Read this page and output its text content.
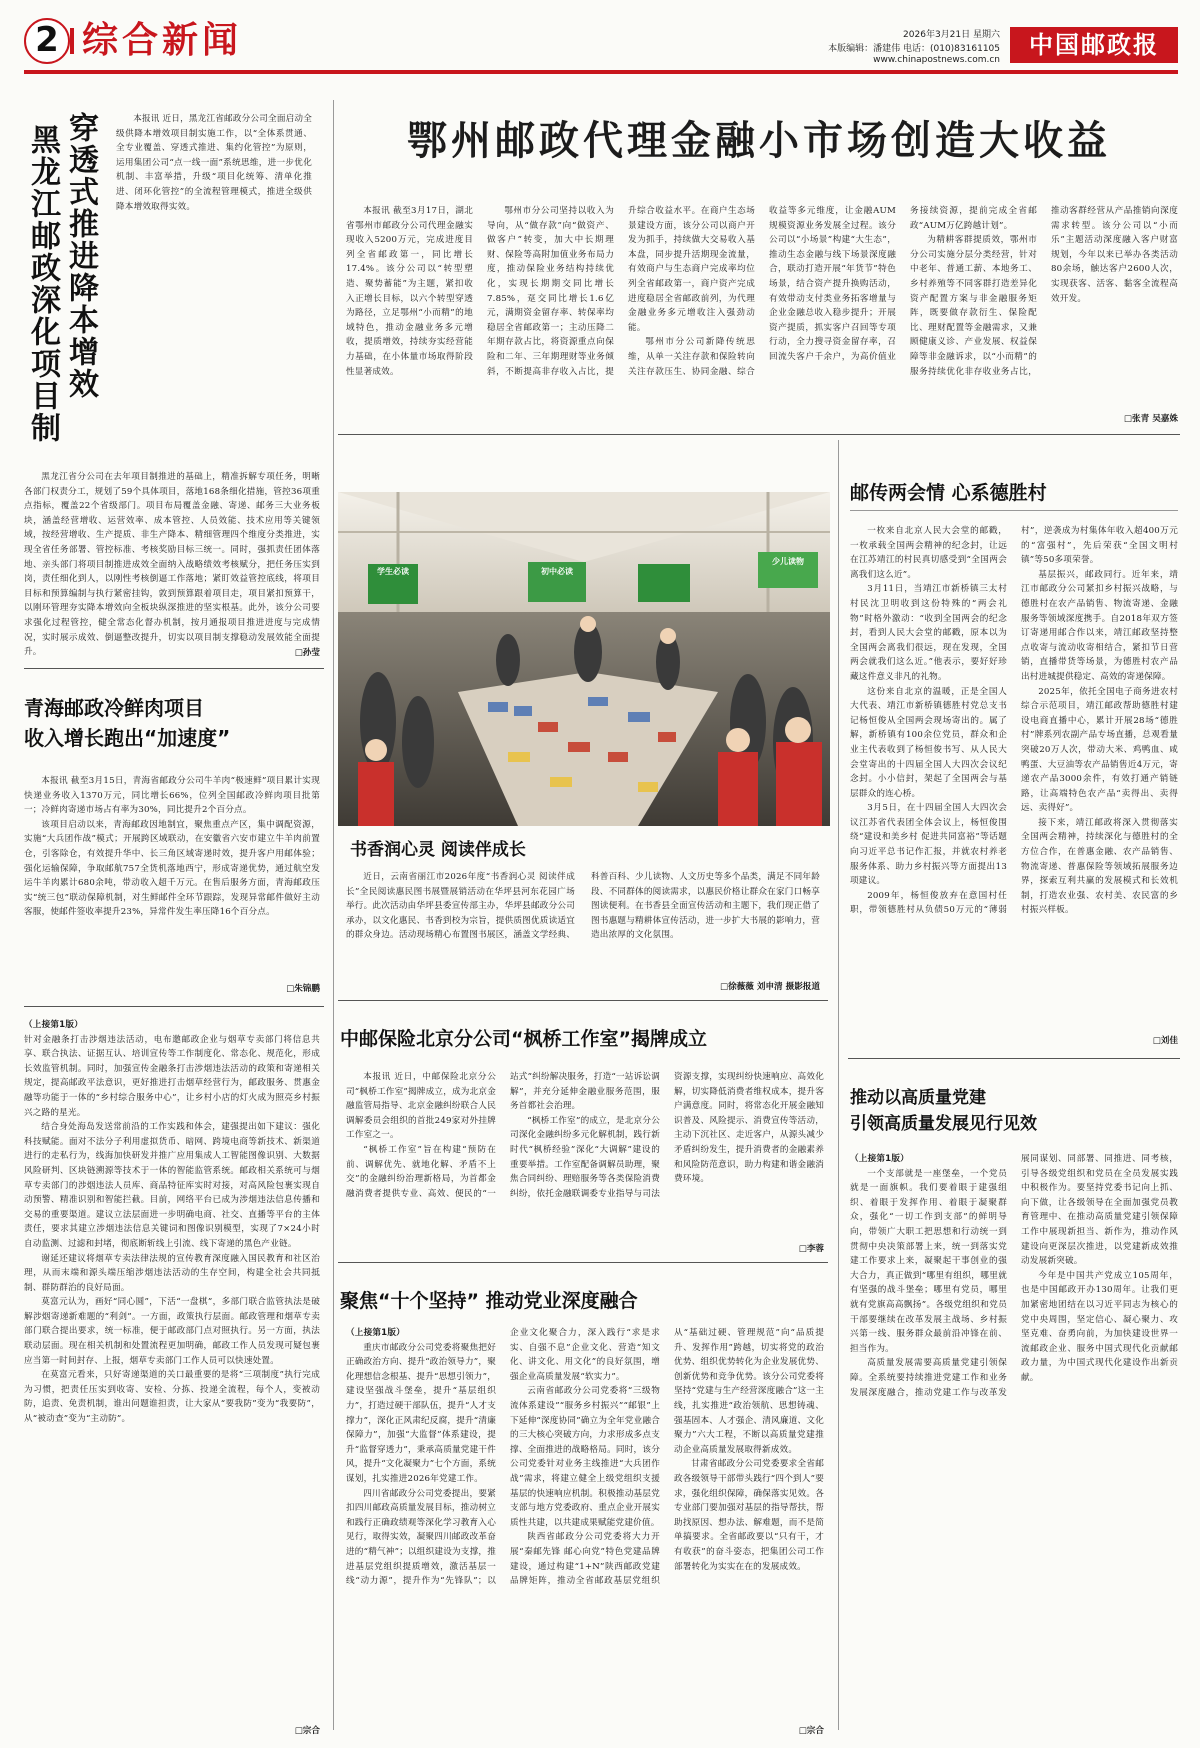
2 综合新闻	2026年3月21日 星期六
本版编辑：潘建伟 电话：(010)83161105
www.chinapostnews.com.cn
中国邮政报
穿透式推进降本增效
黑龙江邮政深化项目制

本报讯 近日，黑龙江省邮政分公司全面启动全级供降本增效项目制实施工作，以“全体系贯通、全专业覆盖、穿透式推进、集约化管控”为原则，运用集团公司“点一线一面”系统思维，进一步优化机制、丰富举措，升级“项目化统筹、清单化推进、闭环化管控”的全流程管理模式，推进全级供降本增效取得实效。

黑龙江省分公司在去年项目制推进的基础上，精准拆解专项任务，明晰各部门权责分工，规划了59个具体项目，落地168条细化措施，管控36项重点指标，覆盖22个省级部门。项目布局覆盖金融、寄递、邮务三大业务板块，涵盖经营增收、运营效率、成本管控、人员效能、技术应用等关键领域，按经营增收、生产提质、非生产降本、精细管理四个维度分类推进，实现全省任务部署、管控标准、考核奖励目标三统一。同时，强抓责任团体落地、亲头部门将项目制推进成效全面纳入战略绩效考核赋分，把任务压实到岗，责任细化到人，以刚性考核倒逼工作落地；紧盯效益管控底线，将项目目标和预算编制与执行紧密挂钩，敦到预算跟着项目走，项目紧扣预算干，以刚环管理夯实降本增效向全板块纵深推进的坚实根基。此外，该分公司要求强化过程管控，健全常态化督办机制，按月通报项目推进进度与完成情况，实时展示成效、倒逼整改提升，切实以项目制支撑稳动发展效能全面提升。	□孙莹
青海邮政冷鲜肉项目
收入增长跑出“加速度”

本报讯 截至3月15日，青海省邮政分公司牛羊肉“极速鲜”项目累计实现快递业务收入1370万元，同比增长66%，位列全国邮政冷鲜肉项目批第一；冷鲜肉寄递市场占有率为30%，同比提升2个百分点。

该项目启动以来，青海邮政因地制宜，聚焦重点产区，集中调配资源，实施“大兵团作战”模式；开展跨区域联动，在安徽省六安市建立牛羊肉前置仓，引客除仓，有效提升华中、长三角区域寄递时效，提升客户用邮体验；强化运输保障，争取邮航757全货机落地西宁，形成寄递优势，通过航空发运牛羊肉累计680余吨，带动收入超千万元。在售后服务方面，青海邮政压实“统三包”联动保障机制，对生鲜邮件全环节跟踪，发现异常邮件做好主动客服，使邮件签收率提升23%，异常件发生率压降16个百分点。

□朱锦鹏
（上接第1版）

针对金融条打击涉烟违法活动，电布邀邮政企业与烟草专卖部门将信息共享、联合执法、证据互认、培训宣传等工作制度化、常态化、规范化，形成长效监管机制。同时，加强宣传金融条打击涉烟违法活动的政策和寄递相关规定，提高邮政平法意识，更好推进打击烟草经营行为，邮政服务、贯惠金融等功能于一体的“乡村综合服务中心”，让乡村小店的灯火成为照亮乡村振兴之路的星光。

结合身处海岛发送常前沿的工作实践和体会，建强提出如下建议：强化科技赋能。面对不法分子利用虚拟货币、暗网、跨境电商等新技术、新渠道进行的走私行为，线海加快研发并推广应用集成人工智能图像识别、大数据风险研判、区块链溯源等技术于一体的智能监管系统。邮政相关系统可与烟草专卖部门的涉烟违法人员库、商品特征库实时对接，对高风险包裹实现自动预警、精准识别和智能拦截。目前，网络平台已成为涉烟违法信息传播和交易的重要渠道。建议立法层面进一步明确电商、社交、直播等平台的主体责任，要求其建立涉烟违法信息关键词和图像识别模型，实现了7×24小时自动监测、过滤和封堵，彻底断斩线上引流、线下寄递的黑色产业链。

谢延还建议将烟草专卖法律法规的宣传教育深度融入国民教育和社区治理，从而末端和源头端压缩涉烟违法活动的生存空间，构建全社会共同抵制、群防群治的良好局面。

莫富元认为，画好“同心圆”，下活“一盘棋”，多部门联合监管执法是破解涉烟寄递新难题的“利剑”。一方面，政策执行层面。邮政管理和烟草专卖部门联合提出要求，统一标准，便于邮政部门点对照执行。另一方面，执法联动层面。现在相关机制和处置流程更加明确，邮政工作人员发现可疑包裹应当第一时间封存、上报，烟草专卖部门工作人员可以快速处置。

在莫富元看来，只好寄递渠道的关口最重要的是将“三项制度”执行完成为习惯，把责任压实到收寄、安检、分拣、投递全流程，每个人，变被动防，追责、免责机制，谁出问题谁担责，让大家从“要我防”变为“我要防”，从“被动查”变为“主动防”。

□宗合
鄂州邮政代理金融小市场创造大收益

本报讯 截至3月17日，湖北省鄂州市邮政分公司代理金融实现收入5200万元，完成进度目列全省邮政第一，同比增长17.4%。该分公司以“转型塑造、聚势蓄能”为主题，紧扣收入正增长目标，以六个转型穿透为路径，立足鄂州“小而精”的地域特色，推动金融业务多元增收，提质增效，持续夯实经营能力基础，在小体量市场取得阶段性显著成效。

鄂州市分公司坚持以收入为导向，从“做存款”向“做资产、做客户”转变，加大中长期理财、保险等高附加值业务布局力度，推动保险业务结构持续优化，实现长期期交同比增长7.85%，趸交同比增长1.6亿元，满期资金留存率、转保率均稳居全省邮政第一；主动压降二年期存款占比，将资源重点向保险和二年、三年期理财等业务倾斜，不断提高非存收入占比，提升综合收益水平。在商户生态场景建设方面，该分公司以商户开发为抓手，持续做大交易收入基本盘，同步提升活期现金流量，有效商户与生态商户完成率均位列全省邮政第一，商户资产完成进度稳居全省邮政前列，为代理金融业务多元增收注入强劲动能。

鄂州市分公司新降传统思维，从单一关注存款和保险转向关注存款压生、协同金融、综合收益等多元维度，让金融AUM规模资源业务发展全过程。该分公司以“小场景”构建“大生态”，推动生态金融与线下场景深度融合，联动打造开展“年货节”特色场景，结合资产提升换购活动，有效带动支付类业务拓客增量与企业金融总收入稳步提升；开展资产提质，抓实客户召回等专项行动，全力搜寻资金留存率，召回流失客户千余户，为高价值业务接续资源，提前完成全省邮政“AUM万亿跨越计划”。

为精耕客群提质效，鄂州市分公司实施分层分类经营，针对中老年、普通工薪、本地务工、乡村养殖等不同客群打造差异化资产配置方案与非金融服务矩阵，既要做存款衍生、保险配比、理财配置等金融需求，又兼顾健康义诊、产业发展、权益保障等非金融诉求，以“小而精”的服务持续优化非存收业务占比，推动客群经营从产品推销向深度需求转型。该分公司以“小而乐”主题活动深度融入客户财富规划，今年以来已举办各类活动80余场，触达客户2600人次，实现获客、活客、黏客全流程高效开发。

□张青 吴嘉姝
学生必读	初中必读
少儿读物
书香润心灵 阅读伴成长

近日，云南省丽江市2026年度“书香润心灵 阅读伴成长”全民阅读惠民图书展暨展销活动在华坪县河东花园广场举行。此次活动由华坪县委宣传部主办，华坪县邮政分公司承办，以文化惠民、书香到校为宗旨，提供质图优质读适宜的群众身边。活动现场精心布置图书展区，涵盖文学经典、科普百科、少儿读物、人文历史等多个品类，满足不同年龄段、不同群体的阅读需求，以惠民价格让群众在家门口畅享图读便利。在书香县全面宣传活动和主题下，我们现正借了图书惠题与精耕体宣传活动，进一步扩大书展的影响力，营造出浓厚的文化氛围。

□徐薇薇 刘申清 摄影报道
中邮保险北京分公司“枫桥工作室”揭牌成立

本报讯 近日，中邮保险北京分公司“枫桥工作室”揭牌成立，成为北京金融监管局指导、北京金融纠纷联合人民调解委员会组织的首批249家对外挂牌工作室之一。

“枫桥工作室”旨在构建“预防在前、调解优先、就地化解、矛盾不上交”的金融纠纷治理新格局，为首都金融消费者提供专业、高效、便民的“一站式”纠纷解决服务，打造“一站诉讼调解”，并充分延伸金融业服务范围，服务首都社会治理。

“枫桥工作室”的成立，是北京分公司深化金融纠纷多元化解机制，践行新时代“枫桥经验”深化“大调解”建设的重要举措。工作室配备调解员助理，聚焦合同纠纷、理赔服务等各类保险消费纠纷，依托金融联调委专业指导与司法资源支撑，实现纠纷快速响应、高效化解，切实降低消费者维权成本，提升客户满意度。同时，将常态化开展金融知识普及、风险提示、消费宣传等活动，主动下沉社区、走近客户，从源头减少矛盾纠纷发生，提升消费者的金融素养和风险防范意识，助力构建和谐金融消费环境。

□李蓉
聚焦“十个坚持” 推动党业深度融合
（上接第1版）

重庆市邮政分公司党委将聚焦把好正确政治方向、提升“政治领导力”，聚化理想信念根基、提升“思想引领力”，建设坚强战斗堡垒，提升“基层组织力”，打造过硬干部队伍，提升“人才支撑力”，深化正风肃纪反腐，提升“清廉保障力”，加强“大监督”体系建设，提升“监督穿透力”，秉承高质量党建干件风，提升“文化凝聚力”七个方面，系统谋划，扎实推进2026年党建工作。

四川省邮政分公司党委提出，要紧扣四川邮政高质量发展目标，推动树立和践行正确政绩观等深化学习教育入心见行，取得实效，凝聚四川邮政改革奋进的“精气神”；以组织建设为支撑，推进基层党组织提质增效，激活基层一线“动力源”，提升作为“先锋队”；以企业文化聚合力，深入践行“求是求实、自强不息”企业文化、营造“知文化、讲文化、用文化”的良好氛围，增强企业高质量发展“软实力”。

云南省邮政分公司党委将“三级物流体系建设”“服务乡村振兴”“邮银”上下延伸“深度协同”确立为全年党业融合的三大核心突破方向，力求形成多点支撑、全面推进的战略格局。同时，该分公司党委针对业务主线推进“大兵团作战”需求，将建立健全上级党组织支援基层的快速响应机制。积极推动基层党支部与地方党委政府、重点企业开展实质性共建，以共建成果赋能党建价值。

陕西省邮政分公司党委将大力开展“秦邮先锋 邮心向党”特色党建品牌建设，通过构建“1+N”陕西邮政党建品牌矩阵，推动全省邮政基层党组织从“基础过硬、管理规范”向“品质提升、发挥作用”跨越，切实将党的政治优势、组织优势转化为企业发展优势、创新优势和竞争优势。该分公司党委将坚持“党建与生产经营深度融合”这一主线，扎实推进“政治领航、思想铸魂、强基固本、人才强企、清风廉道、文化聚力”六大工程，不断以高质量党建推动企业高质量发展取得新成效。

甘肃省邮政分公司党委要求全省邮政各级领导干部带头践行“四个到人”要求，强化组织保障，确保落实见效。各专业部门要加强对基层的指导帮扶，帮助找原因、想办法、解难题，而不是简单搞要求。全省邮政要以“只有干，才有收获”的奋斗姿态，把集团公司工作部署转化为实实在在的发展成效。

□宗合
邮传两会情 心系德胜村

一枚来自北京人民大会堂的邮戳，一枚承载全国两会精神的纪念封，让远在江苏靖江的村民真切感受到“全国两会离我们这么近”。

3月11日，当靖江市新桥镇三太村村民沈卫明收到这份特殊的“两会礼物”时格外激动：“收到全国两会的纪念封，看到人民大会堂的邮戳，原本以为全国两会离我们很远，现在发现，全国两会就我们这么近。”他表示，要好好珍藏这件意义非凡的礼物。

这份来自北京的温暖，正是全国人大代表、靖江市新桥镇德胜村党总支书记杨恒俊从全国两会现场寄出的。属了解，新桥镇有100余位党员，群众和企业主代表收到了杨恒俊书写、从人民大会堂寄出的十四届全国人大四次会议纪念封。小小信封，架起了全国两会与基层群众的连心桥。

3月5日，在十四届全国人大四次会议江苏省代表团全体会议上，杨恒俊围绕“建设和美乡村 促进共同富裕”等话题向习近平总书记作汇报，并就农村养老服务体系、助力乡村振兴等方面提出13项建议。

2009年，杨恒俊放弃在意国村任职，带领德胜村从负债50万元的“薄弱村”，逆袭成为村集体年收入超400万元的“富强村”，先后荣获“全国文明村镇”等50多项荣誉。

基层振兴，邮政同行。近年来，靖江市邮政分公司紧扣乡村振兴战略，与德胜村在农产品销售、物流寄递、金融服务等领域深度携手。自2018年双方签订寄递用邮合作以来，靖江邮政坚持整点收寄与流动收寄相结合，紧扣节日营销，直播带货等场景，为德胜村农产品出村进城提供稳定、高效的寄递保障。

2025年，依托全国电子商务进农村综合示范项目，靖江邮政帮助德胜村建设电商直播中心，累计开展28场“德胜村”牌系列农副产品专场直播，总观看量突破20万人次，带动大米、鸡鸭血、咸鸭蛋、大豆油等农产品销售近4万元，寄递农产品3000余件，有效打通产销链路，让高端特色农产品“卖得出、卖得远、卖得好”。

接下来，靖江邮政将深入贯彻落实全国两会精神，持续深化与德胜村的全方位合作，在普惠金融、农产品销售、物流寄递、普惠保险等领域拓展服务边界，探索互利共赢的发展模式和长效机制，打造农业强、农村美、农民富的乡村振兴样板。

□刘佳
推动以高质量党建
引领高质量发展见行见效
（上接第1版）

一个支部就是一座堡垒，一个党员就是一面旗帜。我们要着眼于建强组织、着眼于发挥作用、着眼于凝聚群众，强化“一切工作到支部”的鲜明导向，带领广大职工把思想和行动统一到贯彻中央决策部署上来，统一到落实党建工作要求上来，凝聚起干事创业的强大合力，真正做到“哪里有组织，哪里就有坚强的战斗堡垒；哪里有党员，哪里就有党旗高高飘扬”。各级党组织和党员干部要继续在改革发展主战场、乡村振兴第一线、服务群众最前沿冲锋在前、担当作为。

高质量发展需要高质量党建引领保障。全系统要持续推进党建工作和业务发展深度融合，推动党建工作与改革发展同谋划、同部署、同推进、同考核，引导各级党组织和党员在全员发展实践中积极作为。要坚持党委书记向上抓、向下做，让各级领导在全面加强党员教育管理中、在推动高质量党建引领保障工作中展现新担当、新作为，推动作风建设向更深层次推进，以党建新成效推动发展新突破。

今年是中国共产党成立105周年，也是中国邮政开办130周年。让我们更加紧密地团结在以习近平同志为核心的党中央周围，坚定信心、凝心聚力、攻坚克难、奋勇向前，为加快建设世界一流邮政企业、服务中国式现代化贡献邮政力量，为中国式现代化建设作出新贡献。
